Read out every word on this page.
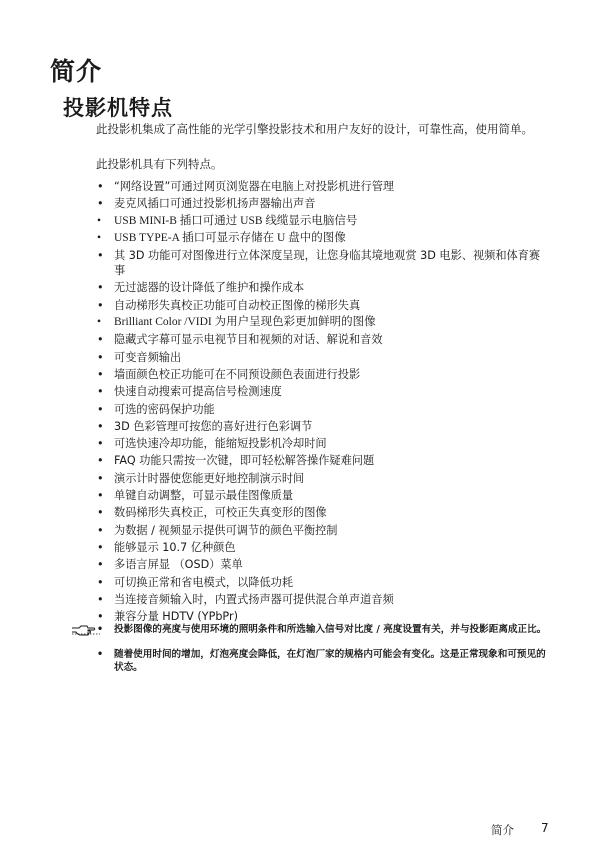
简介
投影机特点
此投影机集成了高性能的光学引擎投影技术和用户友好的设计，可靠性高，使用简单。
此投影机具有下列特点。
• “网络设置”可通过网页浏览器在电脑上对投影机进行管理
• 麦克风插口可通过投影机扬声器输出声音
• USB MINI-B 插口可通过 USB 线缆显示电脑信号
• USB TYPE-A 插口可显示存储在 U 盘中的图像
• 其 3D 功能可对图像进行立体深度呈现，让您身临其境地观赏 3D 电影、视频和体育赛事
• 无过滤器的设计降低了维护和操作成本
• 自动梯形失真校正功能可自动校正图像的梯形失真
• Brilliant Color /VIDI 为用户呈现色彩更加鲜明的图像
• 隐藏式字幕可显示电视节目和视频的对话、解说和音效
• 可变音频输出
• 墙面颜色校正功能可在不同预设颜色表面进行投影
• 快速自动搜索可提高信号检测速度
• 可选的密码保护功能
• 3D 色彩管理可按您的喜好进行色彩调节
• 可选快速冷却功能，能缩短投影机冷却时间
• FAQ 功能只需按一次键，即可轻松解答操作疑难问题
• 演示计时器使您能更好地控制演示时间
• 单键自动调整，可显示最佳图像质量
• 数码梯形失真校正，可校正失真变形的图像
• 为数据 / 视频显示提供可调节的颜色平衡控制
• 能够显示 10.7 亿种颜色
• 多语言屏显 （OSD）菜单
• 可切换正常和省电模式，以降低功耗
• 当连接音频输入时，内置式扬声器可提供混合单声道音频
• 兼容分量 HDTV (YPbPr)
• 投影图像的亮度与使用环境的照明条件和所选输入信号对比度 / 亮度设置有关，并与投影距离成正比。
• 随着使用时间的增加，灯泡亮度会降低，在灯泡厂家的规格内可能会有变化。这是正常现象和可预见的状态。
简介 7
